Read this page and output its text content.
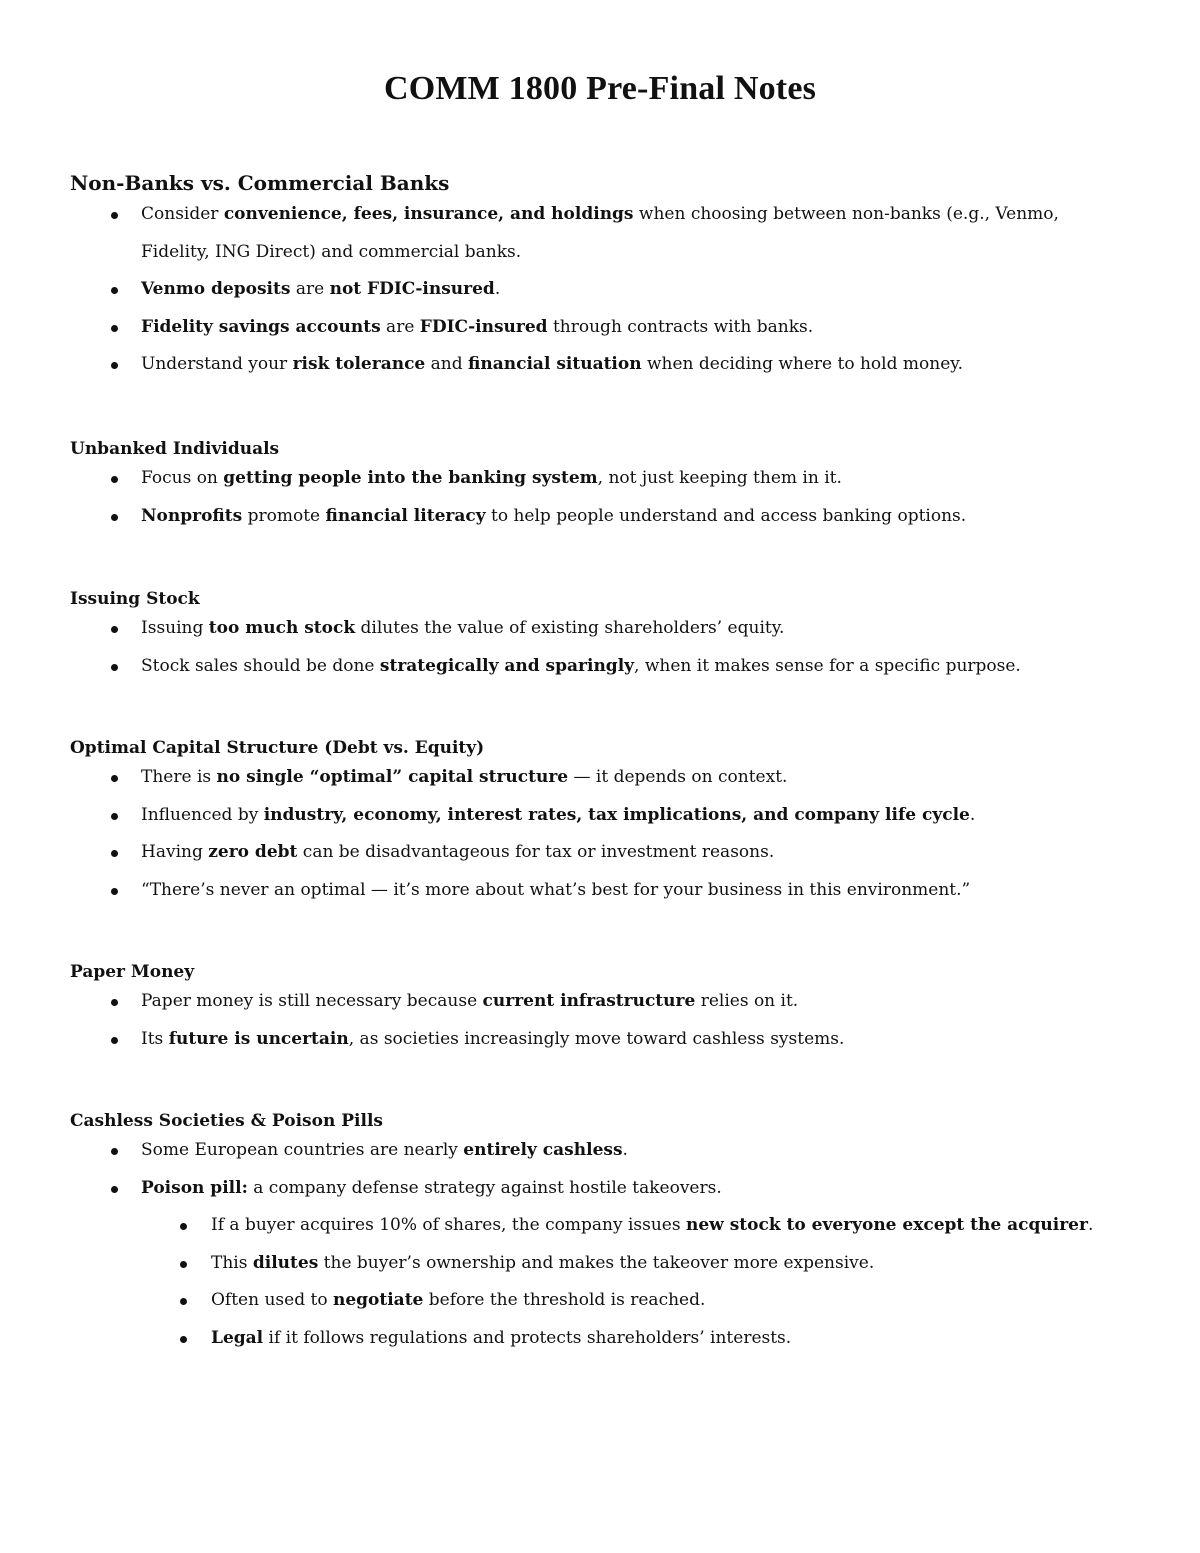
COMM 1800 Pre-Final Notes
Non-Banks vs. Commercial Banks
Consider convenience, fees, insurance, and holdings when choosing between non-banks (e.g., Venmo, Fidelity, ING Direct) and commercial banks.
Venmo deposits are not FDIC-insured.
Fidelity savings accounts are FDIC-insured through contracts with banks.
Understand your risk tolerance and financial situation when deciding where to hold money.
Unbanked Individuals
Focus on getting people into the banking system, not just keeping them in it.
Nonprofits promote financial literacy to help people understand and access banking options.
Issuing Stock
Issuing too much stock dilutes the value of existing shareholders’ equity.
Stock sales should be done strategically and sparingly, when it makes sense for a specific purpose.
Optimal Capital Structure (Debt vs. Equity)
There is no single “optimal” capital structure — it depends on context.
Influenced by industry, economy, interest rates, tax implications, and company life cycle.
Having zero debt can be disadvantageous for tax or investment reasons.
“There’s never an optimal — it’s more about what’s best for your business in this environment.”
Paper Money
Paper money is still necessary because current infrastructure relies on it.
Its future is uncertain, as societies increasingly move toward cashless systems.
Cashless Societies & Poison Pills
Some European countries are nearly entirely cashless.
Poison pill: a company defense strategy against hostile takeovers.
If a buyer acquires 10% of shares, the company issues new stock to everyone except the acquirer.
This dilutes the buyer’s ownership and makes the takeover more expensive.
Often used to negotiate before the threshold is reached.
Legal if it follows regulations and protects shareholders’ interests.
